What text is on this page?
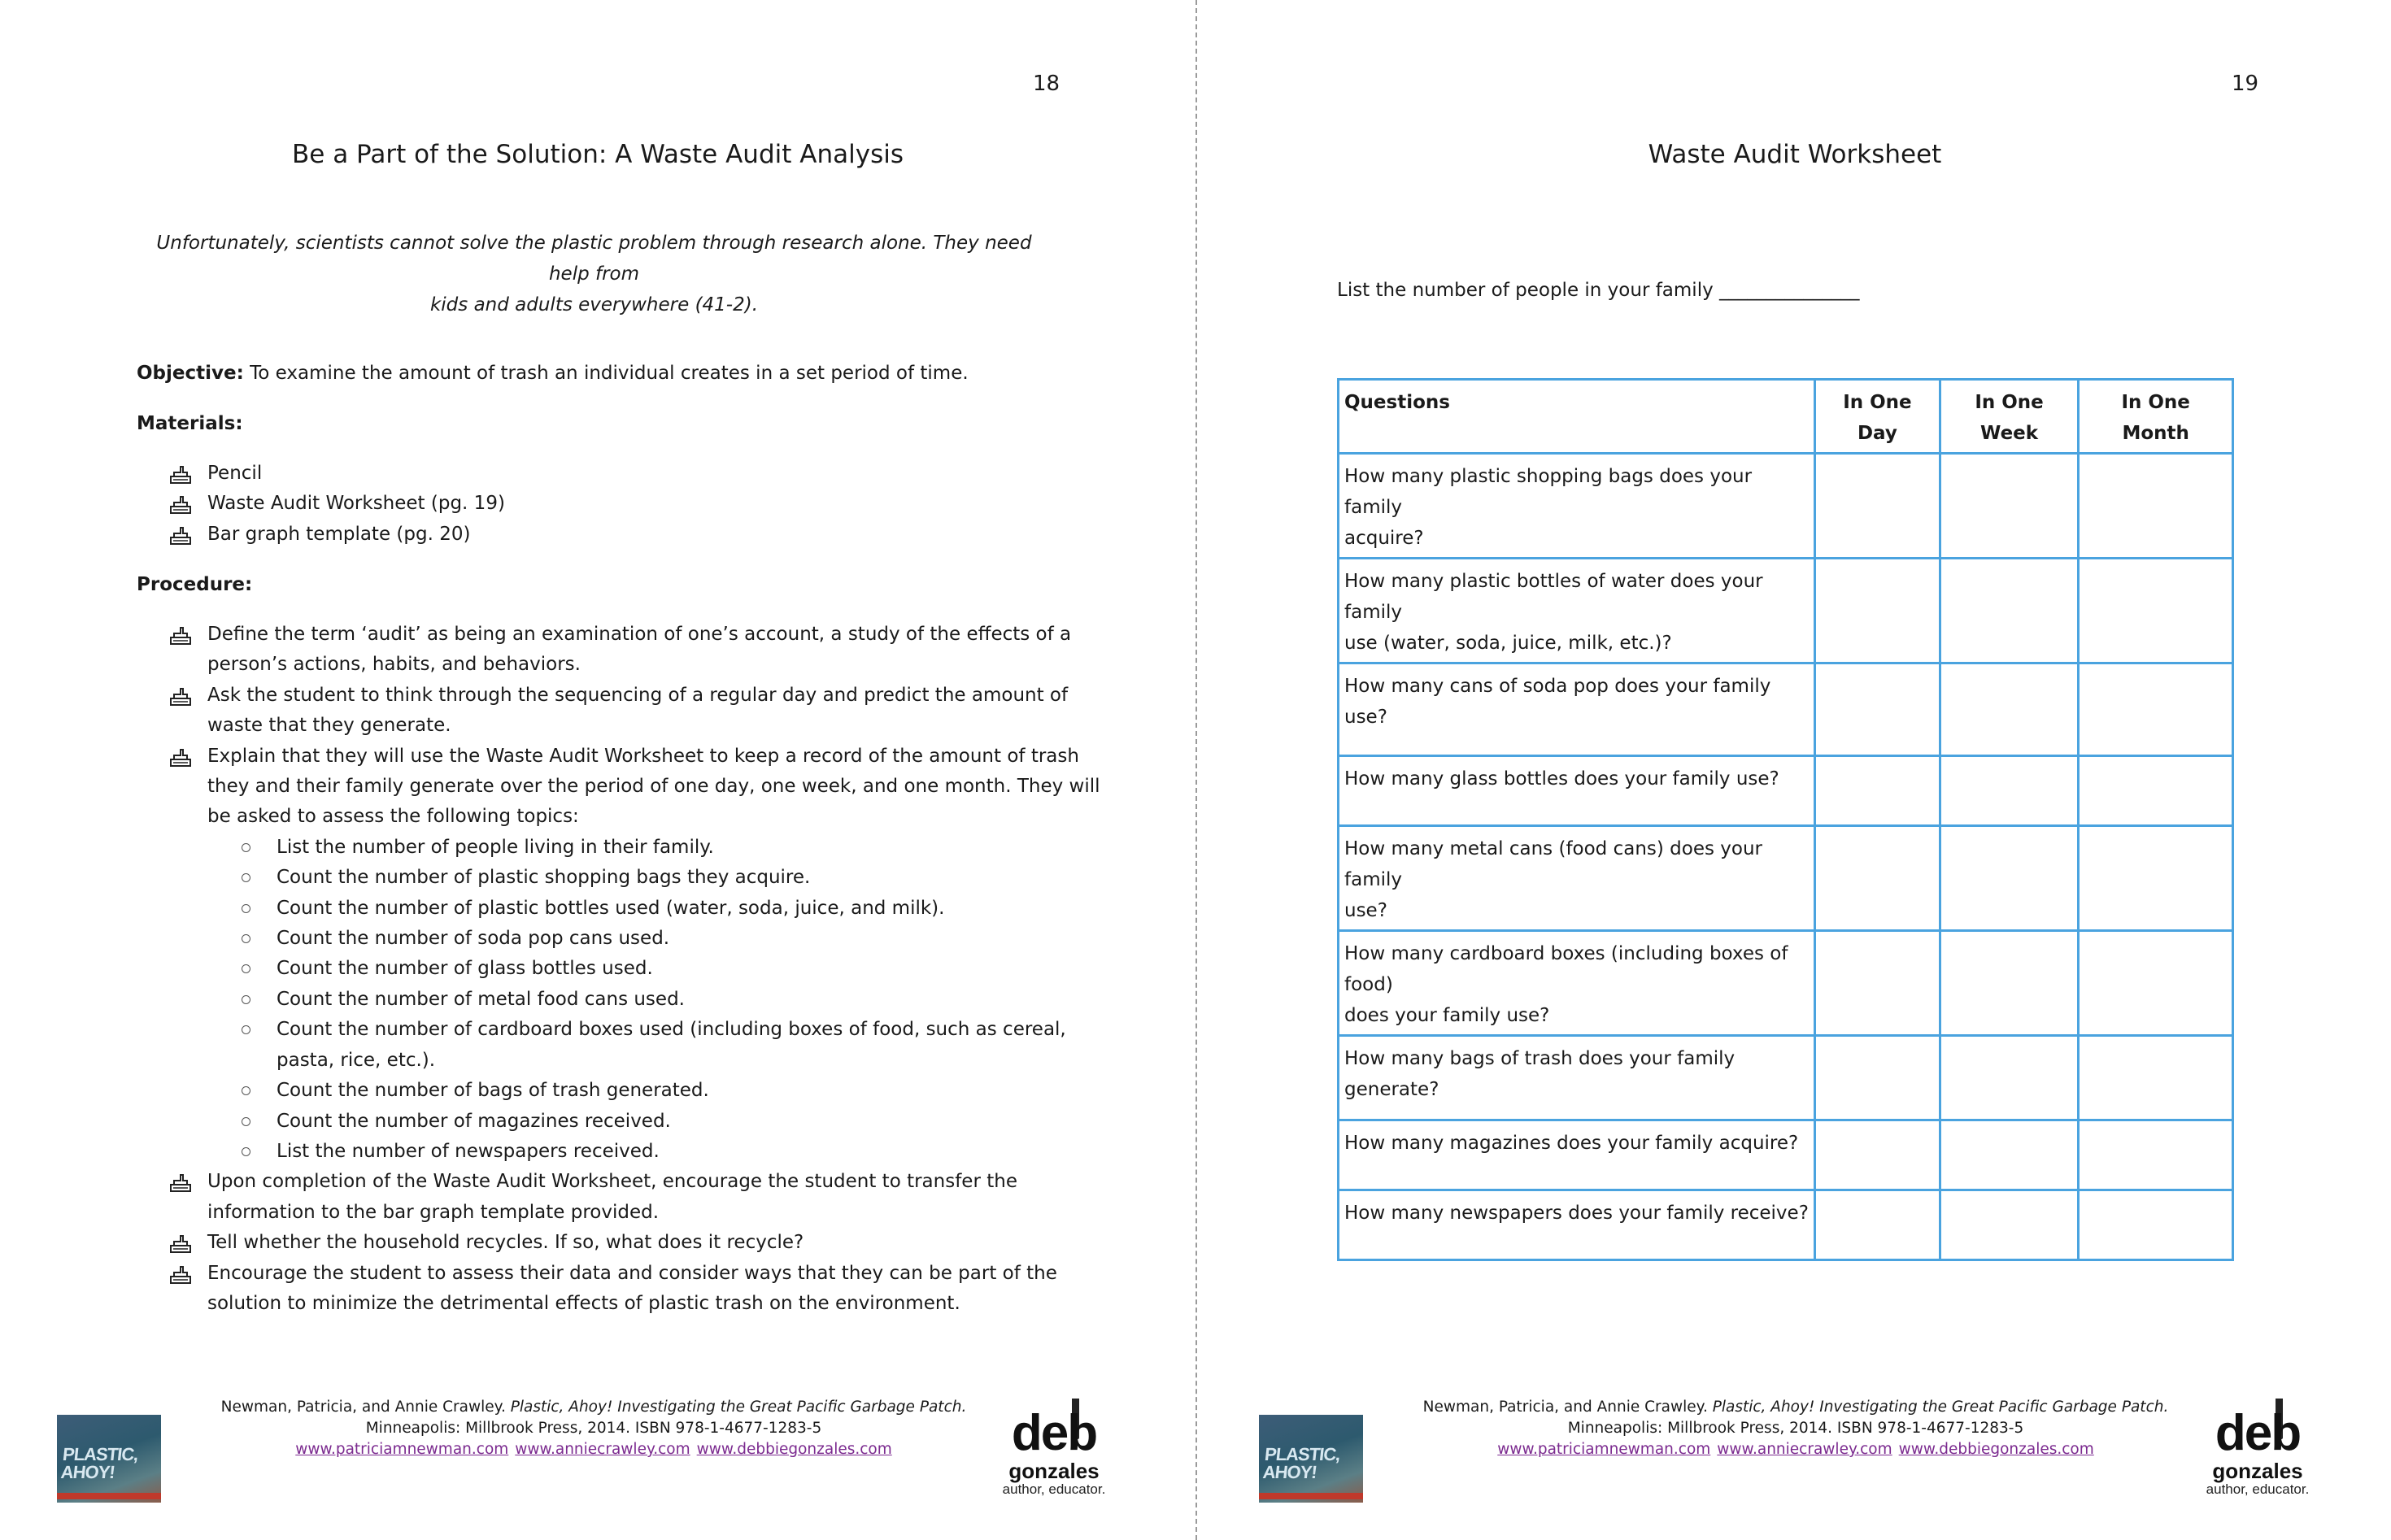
18
Be a Part of the Solution: A Waste Audit Analysis
Unfortunately, scientists cannot solve the plastic problem through research alone. They need help from
kids and adults everywhere (41-2).
Objective: To examine the amount of trash an individual creates in a set period of time.
Materials:
Pencil
Waste Audit Worksheet (pg. 19)
Bar graph template (pg. 20)
Procedure:
Define the term ‘audit’ as being an examination of one’s account, a study of the effects of a
person’s actions, habits, and behaviors.
Ask the student to think through the sequencing of a regular day and predict the amount of
waste that they generate.
Explain that they will use the Waste Audit Worksheet to keep a record of the amount of trash
they and their family generate over the period of one day, one week, and one month. They will
be asked to assess the following topics:
List the number of people living in their family.
Count the number of plastic shopping bags they acquire.
Count the number of plastic bottles used (water, soda, juice, and milk).
Count the number of soda pop cans used.
Count the number of glass bottles used.
Count the number of metal food cans used.
Count the number of cardboard boxes used (including boxes of food, such as cereal,
pasta, rice, etc.).
Count the number of bags of trash generated.
Count the number of magazines received.
List the number of newspapers received.
Upon completion of the Waste Audit Worksheet, encourage the student to transfer the
information to the bar graph template provided.
Tell whether the household recycles. If so, what does it recycle?
Encourage the student to assess their data and consider ways that they can be part of the
solution to minimize the detrimental effects of plastic trash on the environment.
PLASTIC, AHOY!
Newman, Patricia, and Annie Crawley. Plastic, Ahoy! Investigating the Great Pacific Garbage Patch.
Minneapolis: Millbrook Press, 2014. ISBN 978-1-4677-1283-5
www.patriciamnewman.com www.anniecrawley.com www.debbiegonzales.com	deb
gonzales
author, educator.
19
Waste Audit Worksheet
List the number of people in your family _______________
PLASTIC, AHOY!
Newman, Patricia, and Annie Crawley. Plastic, Ahoy! Investigating the Great Pacific Garbage Patch.
Minneapolis: Millbrook Press, 2014. ISBN 978-1-4677-1283-5
www.patriciamnewman.com www.anniecrawley.com www.debbiegonzales.com	deb
gonzales
author, educator.
Questions	In One Day	In One Week	In One Month

How many plastic shopping bags does your family
acquire?			

How many plastic bottles of water does your family
use (water, soda, juice, milk, etc.)?			

How many cans of soda pop does your family use?			

How many glass bottles does your family use?			

How many metal cans (food cans) does your family
use?			

How many cardboard boxes (including boxes of food)
does your family use?			

How many bags of trash does your family generate?			

How many magazines does your family acquire?			

How many newspapers does your family receive?			
